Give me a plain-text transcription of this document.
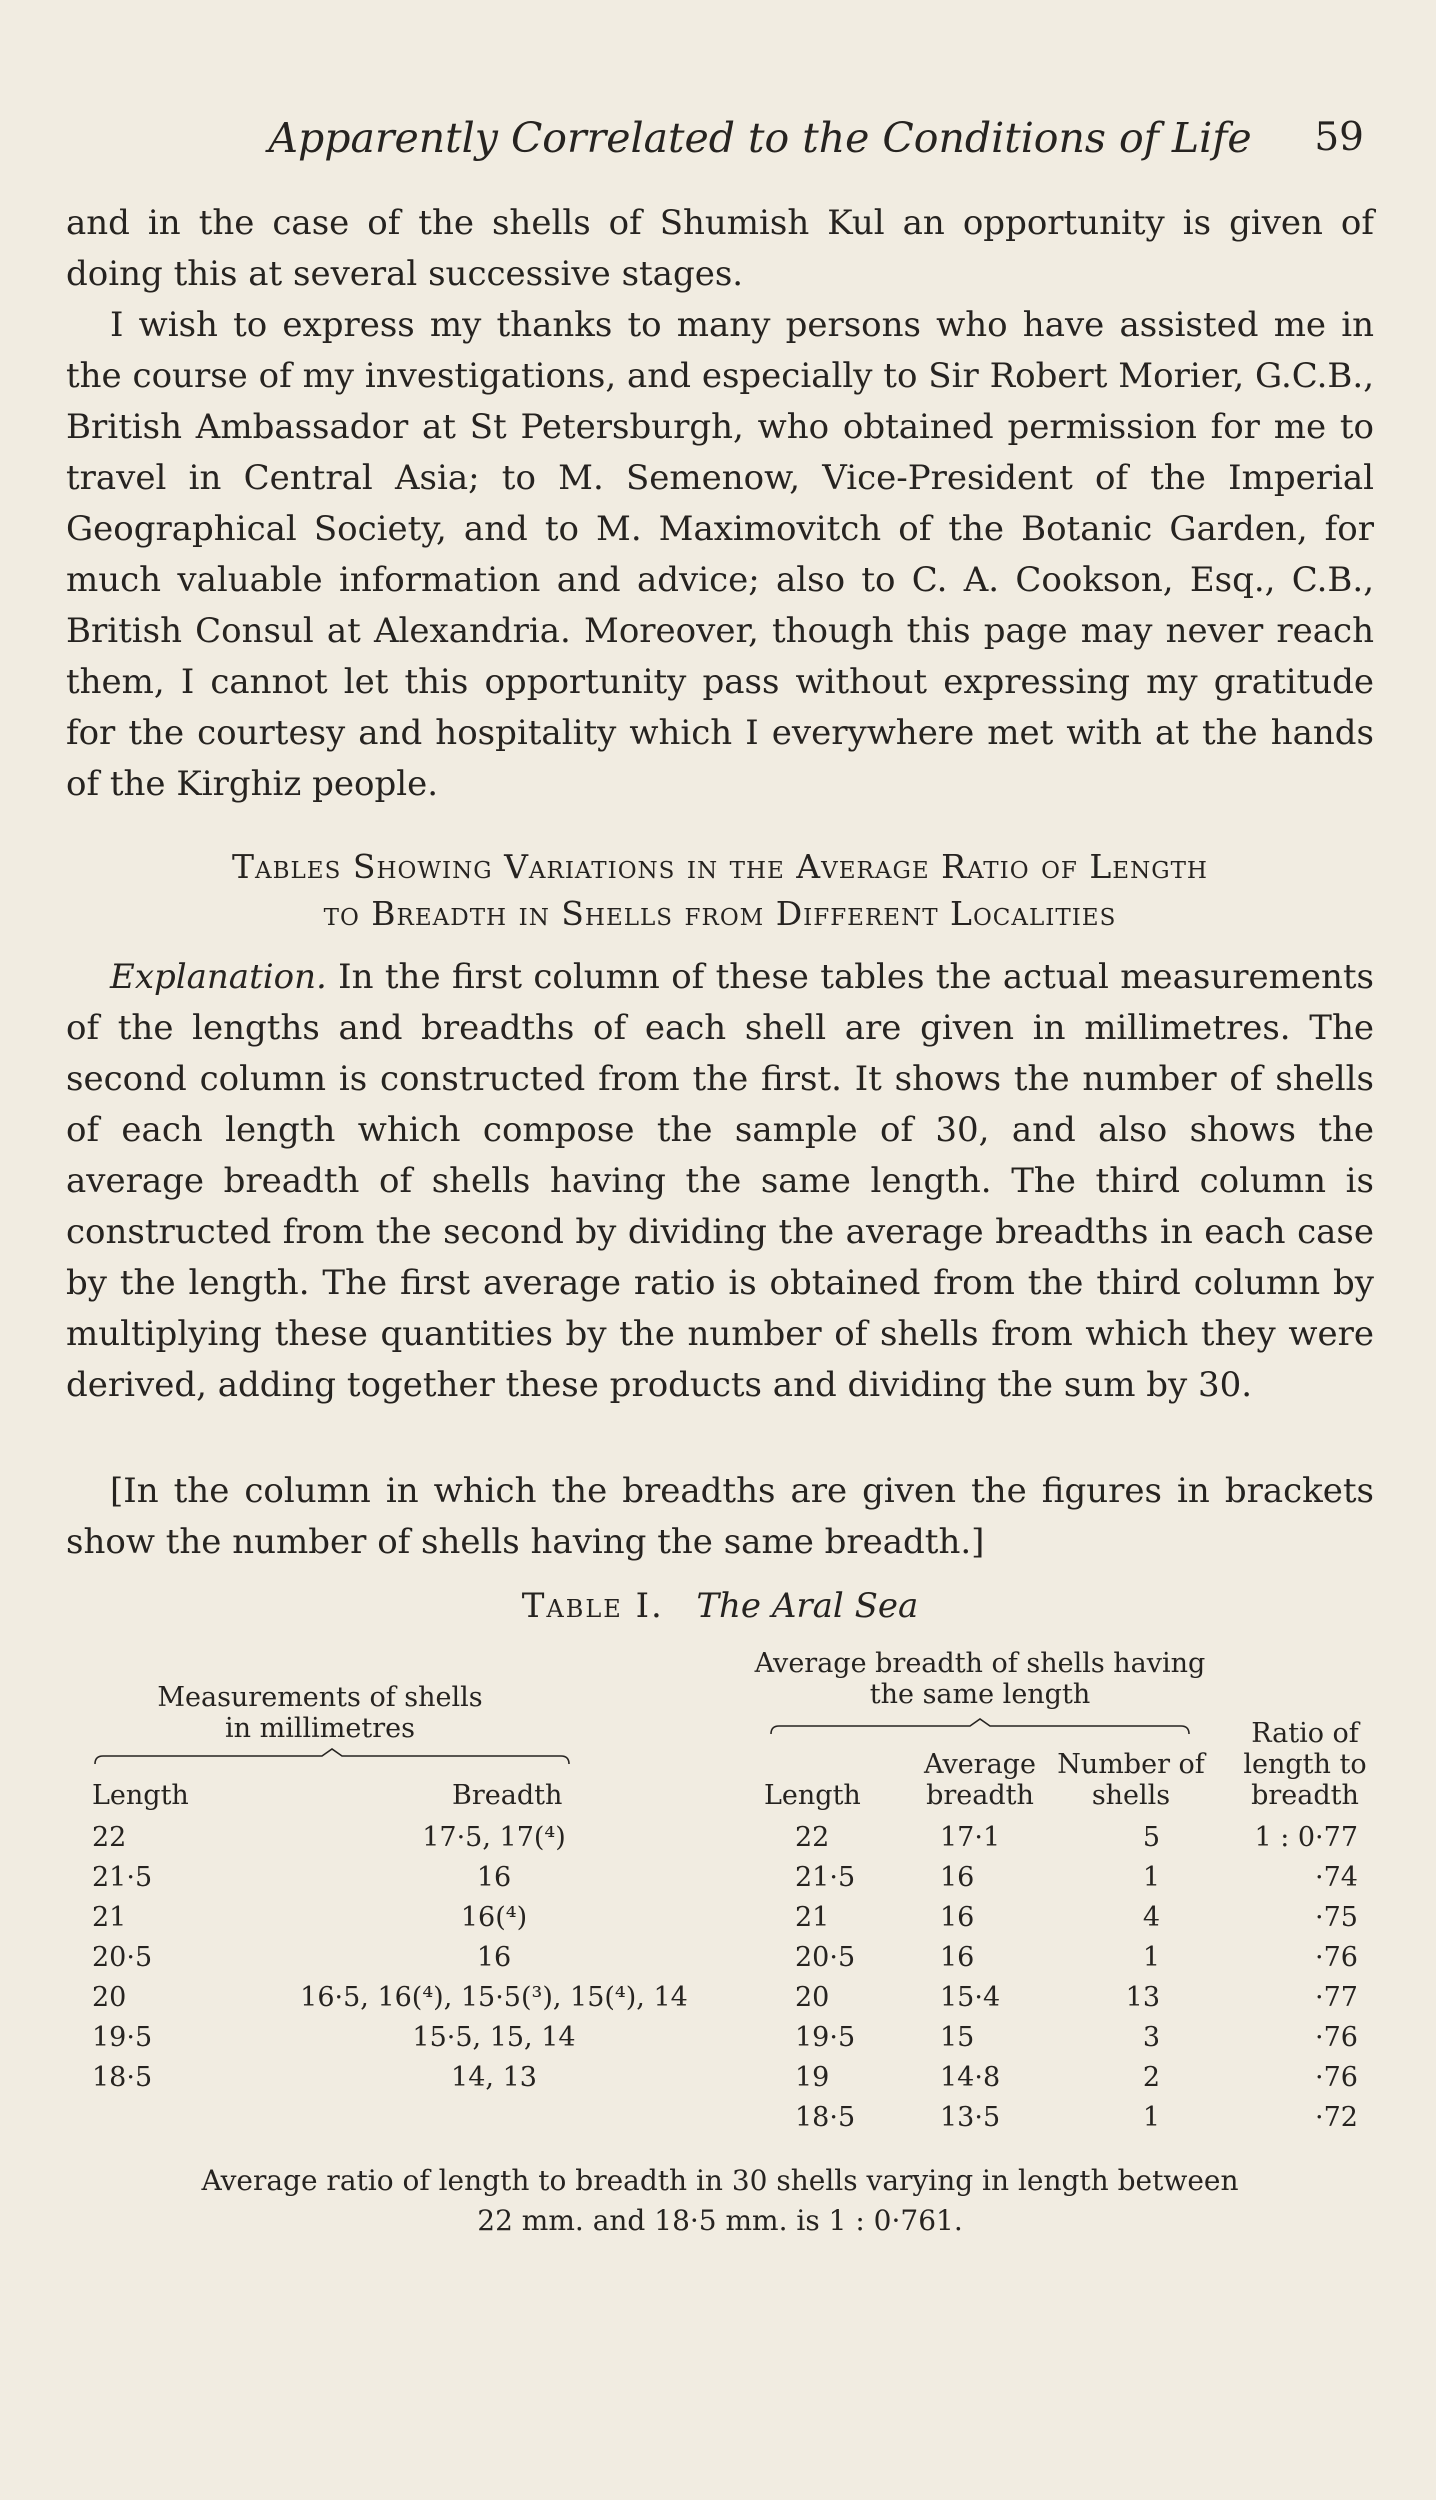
Apparently Correlated to the Conditions of Life	59

and in the case of the shells of Shumish Kul an opportunity is given of doing this at several successive stages.

I wish to express my thanks to many persons who have assisted me in the course of my investigations, and especially to Sir Robert Morier, G.C.B., British Ambassador at St Petersburgh, who obtained permission for me to travel in Central Asia; to M. Semenow, Vice-President of the Imperial Geographical Society, and to M. Maximovitch of the Botanic Garden, for much valuable information and advice; also to C. A. Cookson, Esq., C.B., British Consul at Alexandria. Moreover, though this page may never reach them, I cannot let this opportunity pass without expressing my gratitude for the courtesy and hospitality which I everywhere met with at the hands of the Kirghiz people.

Tables Showing Variations in the Average Ratio of Length
to Breadth in Shells from Different Localities

Explanation. In the first column of these tables the actual measurements of the lengths and breadths of each shell are given in millimetres. The second column is constructed from the first. It shows the number of shells of each length which compose the sample of 30, and also shows the average breadth of shells having the same length. The third column is constructed from the second by dividing the average breadths in each case by the length. The first average ratio is obtained from the third column by multiplying these quantities by the number of shells from which they were derived, adding together these products and dividing the sum by 30.

[In the column in which the breadths are given the figures in brackets show the number of shells having the same breadth.]

Table I. The Aral Sea
Measurements of shells
in millimetres
Average breadth of shells having
the same length
Length	Breadth	Length
Average
breadth
Number of
shells
Ratio of
length to
breadth
22	17·5, 17(⁴)
21·5	16
21	16(⁴)
20·5	16
20	16·5, 16(⁴), 15·5(³), 15(⁴), 14
19·5	15·5, 15, 14
18·5	14, 13
22	17·1	5	1 : 0·77
21·5	16	1	·74
21	16	4	·75
20·5	16	1	·76
20	15·4	13	·77
19·5	15	3	·76
19	14·8	2	·76
18·5	13·5	1	·72
Average ratio of length to breadth in 30 shells varying in length between
22 mm. and 18·5 mm. is 1 : 0·761.
